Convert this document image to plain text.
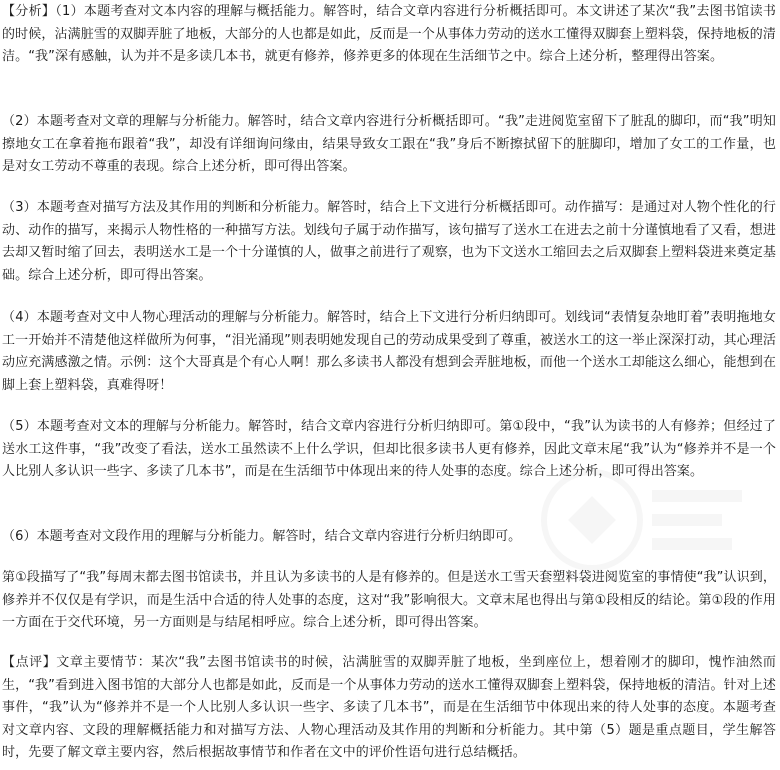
【分析】（1）本题考查对文本内容的理解与概括能力。解答时，结合文章内容进行分析概括即可。本文讲述了某次“我”去图书馆读书的时候，沾满脏雪的双脚弄脏了地板，大部分的人也都是如此，反而是一个从事体力劳动的送水工懂得双脚套上塑料袋，保持地板的清洁。“我”深有感触，认为并不是多读几本书，就更有修养，修养更多的体现在生活细节之中。综合上述分析，整理得出答案。

（2）本题考查对文章的理解与分析能力。解答时，结合文章内容进行分析概括即可。“我”走进阅览室留下了脏乱的脚印，而“我”明知擦地女工在拿着拖布跟着“我”，却没有详细询问缘由，结果导致女工跟在“我”身后不断擦拭留下的脏脚印，增加了女工的工作量，也是对女工劳动不尊重的表现。综合上述分析，即可得出答案。

（3）本题考查对描写方法及其作用的判断和分析能力。解答时，结合上下文进行分析概括即可。动作描写：是通过对人物个性化的行动、动作的描写，来揭示人物性格的一种描写方法。划线句子属于动作描写，该句描写了送水工在进去之前十分谨慎地看了又看，想进去却又暂时缩了回去，表明送水工是一个十分谨慎的人，做事之前进行了观察，也为下文送水工缩回去之后双脚套上塑料袋进来奠定基础。综合上述分析，即可得出答案。

（4）本题考查对文中人物心理活动的理解与分析能力。解答时，结合上下文进行分析归纳即可。划线词“表情复杂地盯着”表明拖地女工一开始并不清楚他这样做所为何事，“泪光涌现”则表明她发现自己的劳动成果受到了尊重，被送水工的这一举止深深打动，其心理活动应充满感激之情。示例：这个大哥真是个有心人啊！那么多读书人都没有想到会弄脏地板，而他一个送水工却能这么细心，能想到在脚上套上塑料袋，真难得呀！

（5）本题考查对文本的理解与分析能力。解答时，结合文章内容进行分析归纳即可。第①段中，“我”认为读书的人有修养；但经过了送水工这件事，“我”改变了看法，送水工虽然读不上什么学识，但却比很多读书人更有修养，因此文章末尾“我”认为“修养并不是一个人比别人多认识一些字、多读了几本书”，而是在生活细节中体现出来的待人处事的态度。综合上述分析，即可得出答案。

（6）本题考查对文段作用的理解与分析能力。解答时，结合文章内容进行分析归纳即可。

第①段描写了“我”每周末都去图书馆读书，并且认为多读书的人是有修养的。但是送水工雪天套塑料袋进阅览室的事情使“我”认识到，修养并不仅仅是有学识，而是生活中合适的待人处事的态度，这对“我”影响很大。文章末尾也得出与第①段相反的结论。第①段的作用一方面在于交代环境，另一方面则是与结尾相呼应。综合上述分析，即可得出答案。

【点评】文章主要情节：某次“我”去图书馆读书的时候，沾满脏雪的双脚弄脏了地板，坐到座位上，想着刚才的脚印，愧怍油然而生，“我”看到进入图书馆的大部分人也都是如此，反而是一个从事体力劳动的送水工懂得双脚套上塑料袋，保持地板的清洁。针对上述事件，“我”认为“修养并不是一个人比别人多认识一些字、多读了几本书”，而是在生活细节中体现出来的待人处事的态度。本题考查对文章内容、文段的理解概括能力和对描写方法、人物心理活动及其作用的判断和分析能力。其中第（5）题是重点题目，学生解答时，先要了解文章主要内容，然后根据故事情节和作者在文中的评价性语句进行总结概括。
